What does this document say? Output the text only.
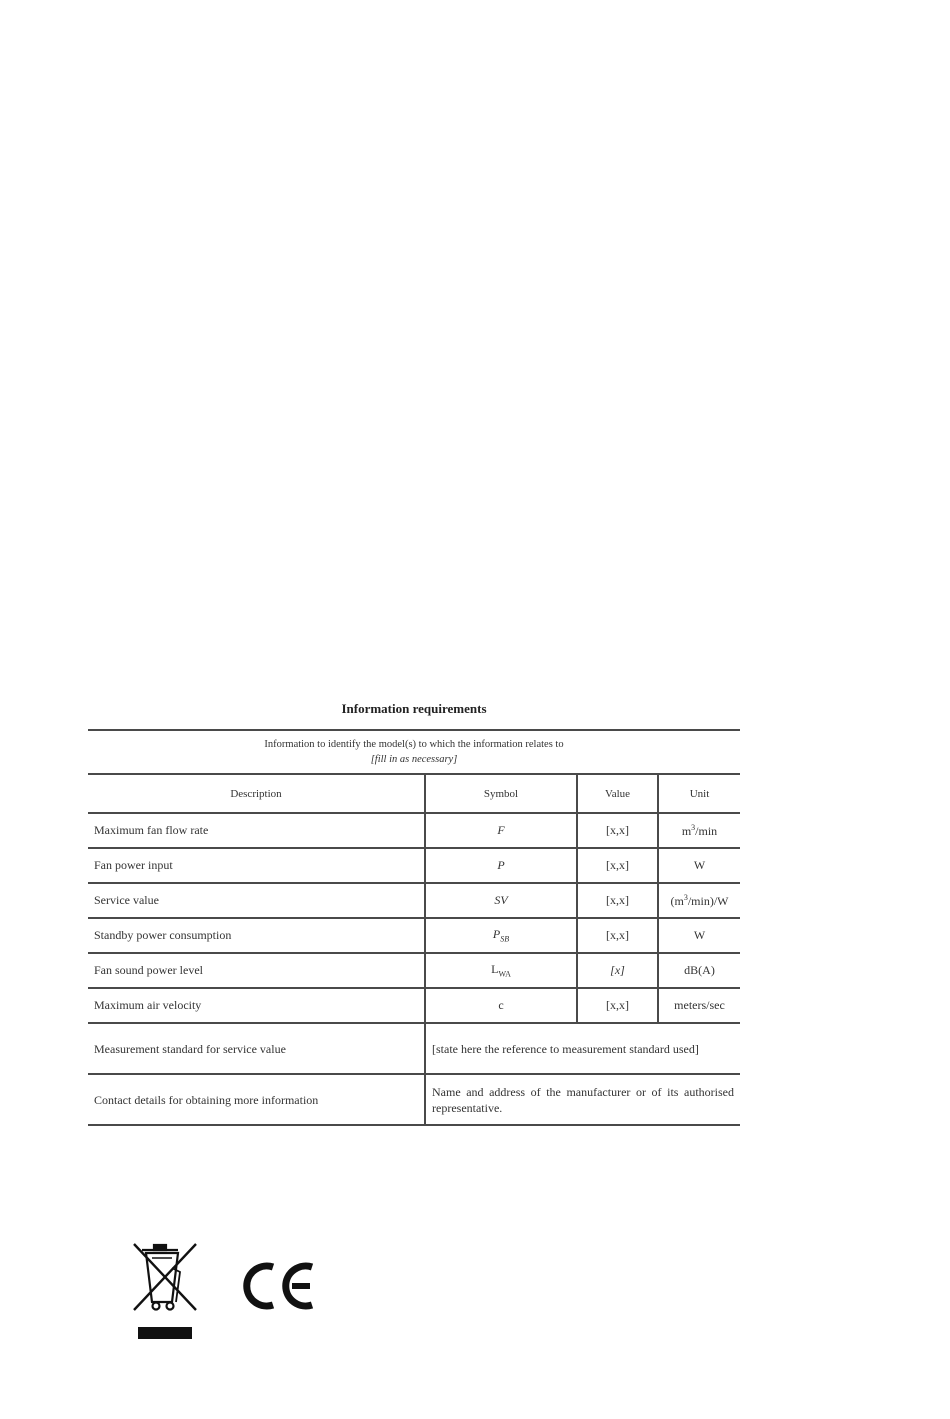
Information requirements
Information to identify the model(s) to which the information relates to
[fill in as necessary]			

Description	Symbol	Value	Unit
Maximum fan flow rate	F	[x,x]	$m^3/\min$
Fan power input	P	[x,x]	W
Service value	SV	[x,x]	$(m^3/\min)/W$
Standby power consumption	$P_{SB}$	[x,x]	W
Fan sound power level	$L_{WA}$	[x]	dB(A)
Maximum air velocity	c	[x,x]	meters/sec
Measurement standard for service value	[state here the reference to measurement standard used]		
Contact details for obtaining more information	Name and address of the manufacturer or of its authorised representative.		
